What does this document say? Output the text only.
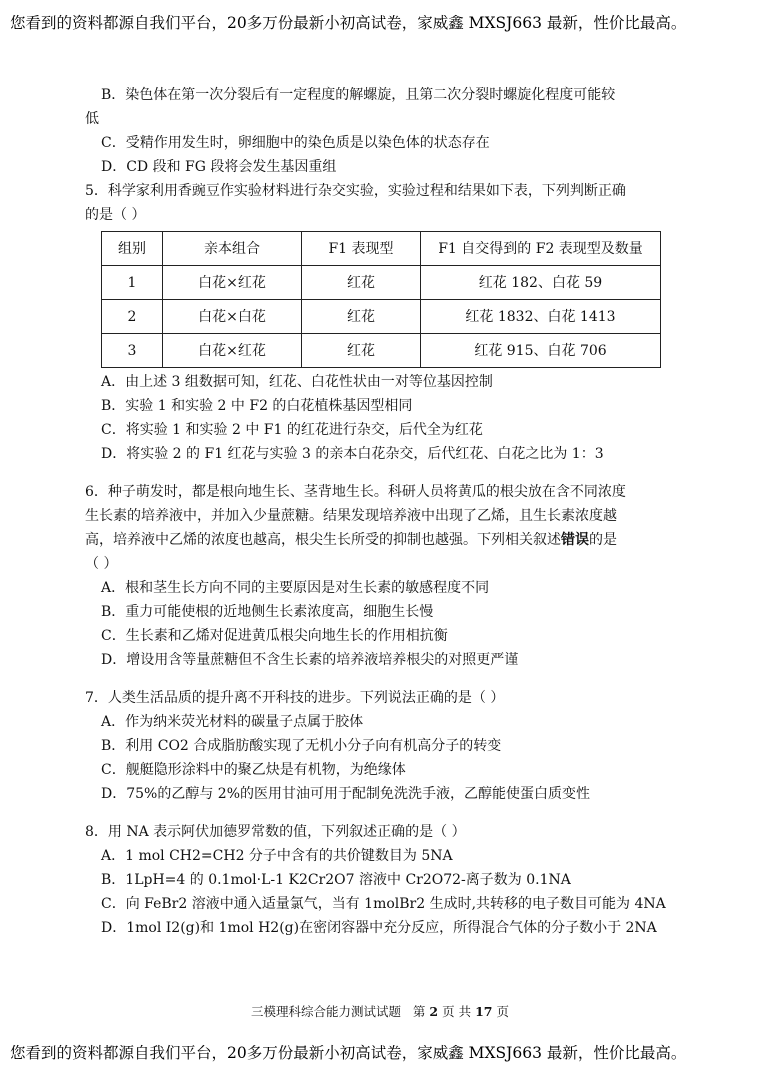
您看到的资料都源自我们平台，20多万份最新小初高试卷，家威鑫 MXSJ663 最新，性价比最高。
B．染色体在第一次分裂后有一定程度的解螺旋，且第二次分裂时螺旋化程度可能较
低
C．受精作用发生时，卵细胞中的染色质是以染色体的状态存在
D．CD 段和 FG 段将会发生基因重组
5．科学家利用香豌豆作实验材料进行杂交实验，实验过程和结果如下表，下列判断正确
的是（ ）
组别	亲本组合	F1 表现型	F1 自交得到的 F2 表现型及数量
1	白花×红花	红花	红花 182、白花 59
2	白花×白花	红花	红花 1832、白花 1413
3	白花×红花	红花	红花 915、白花 706
A．由上述 3 组数据可知，红花、白花性状由一对等位基因控制
B．实验 1 和实验 2 中 F2 的白花植株基因型相同
C．将实验 1 和实验 2 中 F1 的红花进行杂交，后代全为红花
D．将实验 2 的 F1 红花与实验 3 的亲本白花杂交，后代红花、白花之比为 1：3
6．种子萌发时，都是根向地生长、茎背地生长。科研人员将黄瓜的根尖放在含不同浓度
生长素的培养液中，并加入少量蔗糖。结果发现培养液中出现了乙烯，且生长素浓度越
高，培养液中乙烯的浓度也越高，根尖生长所受的抑制也越强。下列相关叙述错误的是
（ ）
A．根和茎生长方向不同的主要原因是对生长素的敏感程度不同
B．重力可能使根的近地侧生长素浓度高，细胞生长慢
C．生长素和乙烯对促进黄瓜根尖向地生长的作用相抗衡
D．增设用含等量蔗糖但不含生长素的培养液培养根尖的对照更严谨
7．人类生活品质的提升离不开科技的进步。下列说法正确的是（ ）
A．作为纳米荧光材料的碳量子点属于胶体
B．利用 CO2 合成脂肪酸实现了无机小分子向有机高分子的转变
C．舰艇隐形涂料中的聚乙炔是有机物，为绝缘体
D．75%的乙醇与 2%的医用甘油可用于配制免洗洗手液，乙醇能使蛋白质变性
8．用 NA 表示阿伏加德罗常数的值，下列叙述正确的是（ ）
A．1 mol CH2=CH2 分子中含有的共价键数目为 5NA
B．1LpH=4 的 0.1mol·L-1 K2Cr2O7 溶液中 Cr2O72-离子数为 0.1NA
C．向 FeBr2 溶液中通入适量氯气，当有 1molBr2 生成时,共转移的电子数目可能为 4NA
D．1mol I2(g)和 1mol H2(g)在密闭容器中充分反应，所得混合气体的分子数小于 2NA
三模理科综合能力测试试题 第 2 页 共 17 页
您看到的资料都源自我们平台，20多万份最新小初高试卷，家威鑫 MXSJ663 最新，性价比最高。
